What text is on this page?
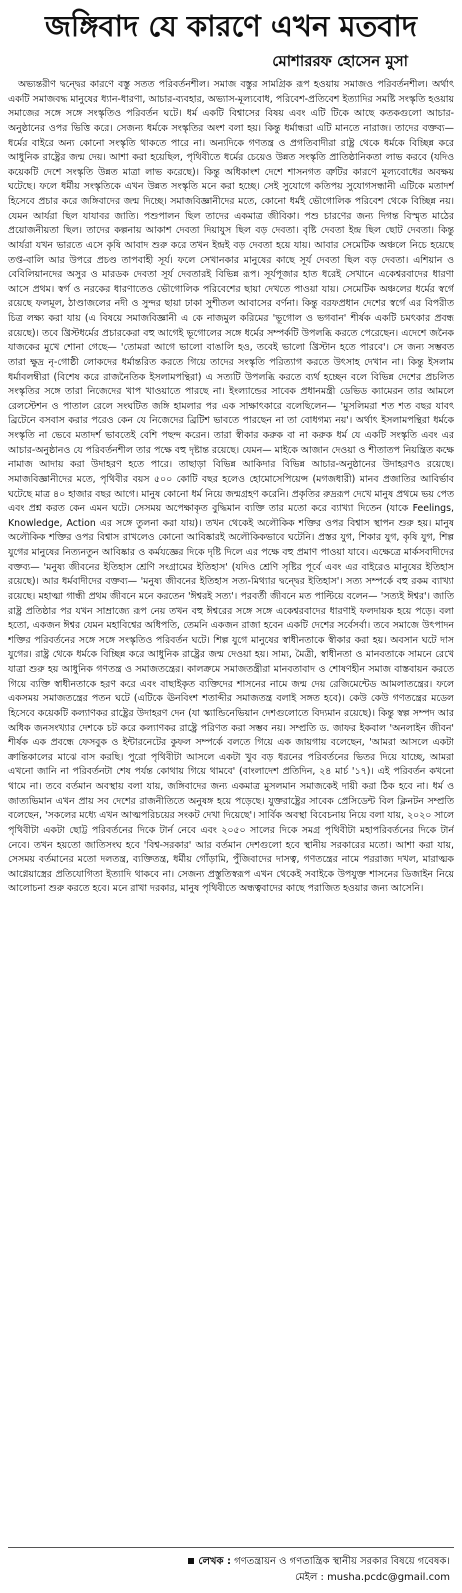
জঙ্গিবাদ যে কারণে এখন মতবাদ
মোশাররফ হোসেন মুসা

অভ্যন্তরীণ দ্বন্দ্বের কারণে বস্তু সতত পরিবর্তনশীল। সমাজ বস্তুর সামগ্রিক রূপ হওয়ায় সমাজও পরিবর্তনশীল। অর্থাৎ একটি সমাজবদ্ধ মানুষের ধ্যান-ধারণা, আচার-ব্যবহার, অভ্যাস-মূল্যবোধ, পরিবেশ-প্রতিবেশ ইত্যাদির সমষ্টি সংস্কৃতি হওয়ায় সমাজের সঙ্গে সঙ্গে সংস্কৃতিও পরিবর্তন ঘটে। ধর্ম একটি বিশ্বাসের বিষয় এবং এটি টিকে আছে কতকগুলো আচার-অনুষ্ঠানের ওপর ভিত্তি করে। সেজন্য ধর্মকে সংস্কৃতির অংশ বলা হয়। কিন্তু ধর্মান্ধরা এটি মানতে নারাজ। তাদের বক্তব্য— ধর্মের বাইরে অন্য কোনো সংস্কৃতি থাকতে পারে না। অন্যদিকে গণতন্ত্র ও প্রগতিবাদীরা রাষ্ট্র থেকে ধর্মকে বিচ্ছিন্ন করে আধুনিক রাষ্ট্রের জন্ম দেয়। আশা করা হয়েছিল, পৃথিবীতে ধর্মের চেয়েও উন্নত সংস্কৃতি প্রাতিষ্ঠানিকতা লাভ করবে (যদিও কয়েকটি দেশে সংস্কৃতি উন্নত মাত্রা লাভ করেছে)। কিন্তু অধিকাংশ দেশে শাসনগত ত্রুটির কারণে মূল্যবোধের অবক্ষয় ঘটেছে। ফলে ধর্মীয় সংস্কৃতিকে এখন উন্নত সংস্কৃতি মনে করা হচ্ছে। সেই সুযোগে কতিপয় সুযোগসন্ধানী এটিকে মতাদর্শ হিসেবে প্রচার করে জঙ্গিবাদের জন্ম দিচ্ছে। সমাজবিজ্ঞানীদের মতে, কোনো ধর্মই ভৌগোলিক পরিবেশ থেকে বিচ্ছিন্ন নয়। যেমন আর্যরা ছিল যাযাবর জাতি। পশুপালন ছিল তাদের একমাত্র জীবিকা। পশু চারণের জন্য দিগন্ত বিস্মৃত মাঠের প্রয়োজনীয়তা ছিল। তাদের কল্পনায় আকাশ দেবতা দিয়াযুস ছিল বড় দেবতা। বৃষ্টি দেবতা ইন্দ্র ছিল ছোট দেবতা। কিন্তু আর্যরা যখন ভারতে এসে কৃষি আবাদ শুরু করে তখন ইন্দ্রই বড় দেবতা হয়ে যায়। আবার সেমেটিক অঞ্চলে নিচে হয়েছে তপ্ত-বালি আর উপরে প্রচণ্ড তাপবাহী সূর্য। ফলে সেখানকার মানুষের কাছে সূর্য দেবতা ছিল বড় দেবতা। এশিয়ান ও বেবিলিয়ানদের অসুর ও মারডক দেবতা সূর্য দেবতারই বিভিন্ন রূপ। সূর্যপূজার হাত ধরেই সেখানে একেশ্বরবাদের ধারণা আসে প্রথম। স্বর্গ ও নরকের ধারণাতেও ভৌগোলিক পরিবেশের ছায়া দেখতে পাওয়া যায়। সেমেটিক অঞ্চলের ধর্মের স্বর্গে রয়েছে ফলমূল, ঠাণ্ডাজলের নদী ও সুন্দর ছায়া ঢাকা সুশীতল আবাসের বর্ণনা। কিন্তু বরফপ্রধান দেশের স্বর্গে এর বিপরীত চিত্র লক্ষ্য করা যায় (এ বিষয়ে সমাজবিজ্ঞানী এ কে নাজমুল করিমের 'ভূগোল ও ভগবান' শীর্ষক একটি চমৎকার প্রবন্ধ রয়েছে)। তবে খ্রিস্টধর্মের প্রচারকেরা বহু আগেই ভূগোলের সঙ্গে ধর্মের সম্পর্কটি উপলব্ধি করতে পেরেছেন। এদেশে জনৈক যাজকের মুখে শোনা গেছে— 'তোমরা আগে ভালো বাঙালি হও, তবেই ভালো খ্রিস্টান হতে পারবে'। সে জন্য সম্ভবত তারা ক্ষুদ্র নৃ-গোষ্ঠী লোকদের ধর্মান্তরিত করতে গিয়ে তাদের সংস্কৃতি পরিত্যাগ করতে উৎসাহ দেখান না। কিন্তু ইসলাম ধর্মাবলম্বীরা (বিশেষ করে রাজনৈতিক ইসলামপন্থিরা) এ সত্যটি উপলব্ধি করতে ব্যর্থ হচ্ছেন বলে বিভিন্ন দেশের প্রচলিত সংস্কৃতির সঙ্গে তারা নিজেদের খাপ খাওয়াতে পারছে না। ইংল্যান্ডের সাবেক প্রধানমন্ত্রী ডেভিড ক্যামেরন তার আমলে রেলস্টেশন ও পাতাল রেলে সংঘটিত জঙ্গি হামলার পর এক সাক্ষাৎকারে বলেছিলেন— 'মুসলিমরা শত শত বছর যাবৎ ব্রিটেনে বসবাস করার পরেও কেন যে নিজেদের ব্রিটিশ ভাবতে পারছেন না তা বোধগম্য নয়'। অর্থাৎ ইসলামপন্থিরা ধর্মকে সংস্কৃতি না ভেবে মতাদর্শ ভাবতেই বেশি পছন্দ করেন। তারা স্বীকার করুক বা না করুক ধর্ম যে একটি সংস্কৃতি এবং এর আচার-অনুষ্ঠানও যে পরিবর্তনশীল তার পক্ষে বহু দৃষ্টান্ত রয়েছে। যেমন— মাইকে আজান দেওয়া ও শীতাতপ নিয়ন্ত্রিত কক্ষে নামাজ আদায় করা উদাহরণ হতে পারে। তাছাড়া বিভিন্ন আকিদার বিভিন্ন আচার-অনুষ্ঠানের উদাহরণও রয়েছে। সমাজবিজ্ঞানীদের মতে, পৃথিবীর বয়স ৫০০ কোটি বছর হলেও হোমোসেপিয়েন্স (মগজধারী) মানব প্রজাতির আবির্ভাব ঘটেছে মাত্র ৪০ হাজার বছর আগে। মানুষ কোনো ধর্ম নিয়ে জন্মগ্রহণ করেনি। প্রকৃতির রুদ্ররূপ দেখে মানুষ প্রথমে ভয় পেত এবং প্রশ্ন করত কেন এমন ঘটে। সেসময় অপেক্ষাকৃত বুদ্ধিমান ব্যক্তি তার মতো করে ব্যাখ্যা দিতেন (যাকে Feelings, Knowledge, Action এর সঙ্গে তুলনা করা যায়)। তখন থেকেই অলৌকিক শক্তির ওপর বিশ্বাস স্থাপন শুরু হয়। মানুষ অলৌকিক শক্তির ওপর বিশ্বাস রাখলেও কোনো আবিষ্কারই অলৌকিকভাবে ঘটেনি। প্রস্তর যুগ, শিকার যুগ, কৃষি যুগ, শিল্প যুগের মানুষের নিত্যনতুন আবিষ্কার ও কর্মযজ্ঞের দিকে দৃষ্টি দিলে এর পক্ষে বহু প্রমাণ পাওয়া যাবে। এক্ষেত্রে মার্কসবাদীদের বক্তব্য— 'মনুষ্য জীবনের ইতিহাস শ্রেণি সংগ্রামের ইতিহাস' (যদিও শ্রেণি সৃষ্টির পূর্বে এবং এর বাইরেও মানুষের ইতিহাস রয়েছে)। আর ধর্মবাদীদের বক্তব্য— 'মনুষ্য জীবনের ইতিহাস সত্য-মিথ্যার দ্বন্দ্বের ইতিহাস'। সত্য সম্পর্কে বহু রকম ব্যাখ্যা রয়েছে। মহাত্মা গান্ধী প্রথম জীবনে মনে করতেন 'ঈশ্বরই সত্য'। পরবর্তী জীবনে মত পাল্টিয়ে বলেন— 'সত্যই ঈশ্বর'। জাতি রাষ্ট্র প্রতিষ্ঠার পর যখন সাম্রাজ্যে রূপ নেয় তখন বহু ঈশ্বরের সঙ্গে সঙ্গে একেশ্বরবাদের ধারণাই ফলদায়ক হয়ে পড়ে। বলা হতো, একজন ঈশ্বর যেমন মহাবিশ্বের অধিপতি, তেমনি একজন রাজা হবেন একটি দেশের সর্বেসর্বা। তবে সমাজে উৎপাদন শক্তির পরিবর্তনের সঙ্গে সঙ্গে সংস্কৃতিও পরিবর্তন ঘটে। শিল্প যুগে মানুষের স্বাধীনতাকে স্বীকার করা হয়। অবসান ঘটে দাস যুগের। রাষ্ট্র থেকে ধর্মকে বিচ্ছিন্ন করে আধুনিক রাষ্ট্রের জন্ম দেওয়া হয়। সাম্য, মৈত্রী, স্বাধীনতা ও মানবতাকে সামনে রেখে যাত্রা শুরু হয় আধুনিক গণতন্ত্র ও সমাজতন্ত্রের। কালক্রমে সমাজতন্ত্রীরা মানবতাবাদ ও শোষণহীন সমাজ বাস্তবায়ন করতে গিয়ে ব্যক্তি স্বাধীনতাকে হরণ করে এবং বাছাইকৃত ব্যক্তিদের শাসনের নামে জন্ম দেয় রেজিমেন্টেড আমলাতন্ত্রের। ফলে একসময় সমাজতন্ত্রের পতন ঘটে (এটিকে ঊনবিংশ শতাব্দীর সমাজতন্ত্র বলাই সঙ্গত হবে)। কেউ কেউ গণতন্ত্রের মডেল হিসেবে কয়েকটি কল্যাণকর রাষ্ট্রের উদাহরণ দেন (যা স্ক্যান্ডিনেভিয়ান দেশগুলোতে বিদ্যমান রয়েছে)। কিন্তু স্বল্প সম্পদ আর অধিক জনসংখ্যার দেশকে চট করে কল্যাণকর রাষ্ট্রে পরিণত করা সম্ভব নয়। সম্প্রতি ড. জাফর ইকবাল 'অনলাইন জীবন' শীর্ষক এক প্রবন্ধে ফেসবুক ও ইন্টারনেটের কুফল সম্পর্কে বলতে গিয়ে এক জায়গায় বলেছেন, 'আমরা আসলে একটা ক্রান্তিকালের মাঝে বাস করছি। পুরো পৃথিবীটা আসলে একটা খুব বড় ধরনের পরিবর্তনের ভিতর দিয়ে যাচ্ছে, আমরা এখনো জানি না পরিবর্তনটা শেষ পর্যন্ত কোথায় গিয়ে থামবে' (বাংলাদেশ প্রতিদিন, ২৪ মার্চ '১৭)। এই পরিবর্তন কখনো থামে না। তবে বর্তমান অবস্থায় বলা যায়, জঙ্গিবাদের জন্য একমাত্র মুসলমান সমাজকেই দায়ী করা ঠিক হবে না। ধর্ম ও জাত্যভিমান এখন প্রায় সব দেশের রাজনীতিতে অনুষঙ্গ হয়ে পড়েছে। যুক্তরাষ্ট্রের সাবেক প্রেসিডেন্ট বিল ক্লিনটন সম্প্রতি বলেছেন, 'সকলের মধ্যে এখন আত্মপরিচয়ের সংকট দেখা দিয়েছে'। সার্বিক অবস্থা বিবেচনায় নিয়ে বলা যায়, ২০২০ সালে পৃথিবীটা একটা ছোট্ট পরিবর্তনের দিকে টার্ন নেবে এবং ২০৫০ সালের দিকে সমগ্র পৃথিবীটা মহাপরিবর্তনের দিকে টার্ন নেবে। তখন হয়তো জাতিসংঘ হবে 'বিশ্ব-সরকার' আর বর্তমান দেশগুলো হবে স্থানীয় সরকারের মতো। আশা করা যায়, সেসময় বর্তমানের মতো দলতন্ত্র, ব্যক্তিতন্ত্র, ধর্মীয় গোঁড়ামি, পুঁজিবাদের দাসত্ব, গণতন্ত্রের নামে পররাজ্য দখল, মারাত্মক আগ্নেয়াস্ত্রের প্রতিযোগিতা ইত্যাদি থাকবে না। সেজন্য প্রস্তুতিস্বরূপ এখন থেকেই সবাইকে উপযুক্ত শাসনের ডিজাইন নিয়ে আলোচনা শুরু করতে হবে। মনে রাখা দরকার, মানুষ পৃথিবীতে অন্ধত্ববাদের কাছে পরাজিত হওয়ার জন্য আসেনি।

লেখক : গণতন্ত্রায়ন ও গণতান্ত্রিক স্থানীয় সরকার বিষয়ে গবেষক।
মেইল : musha.pcdc@gmail.com
